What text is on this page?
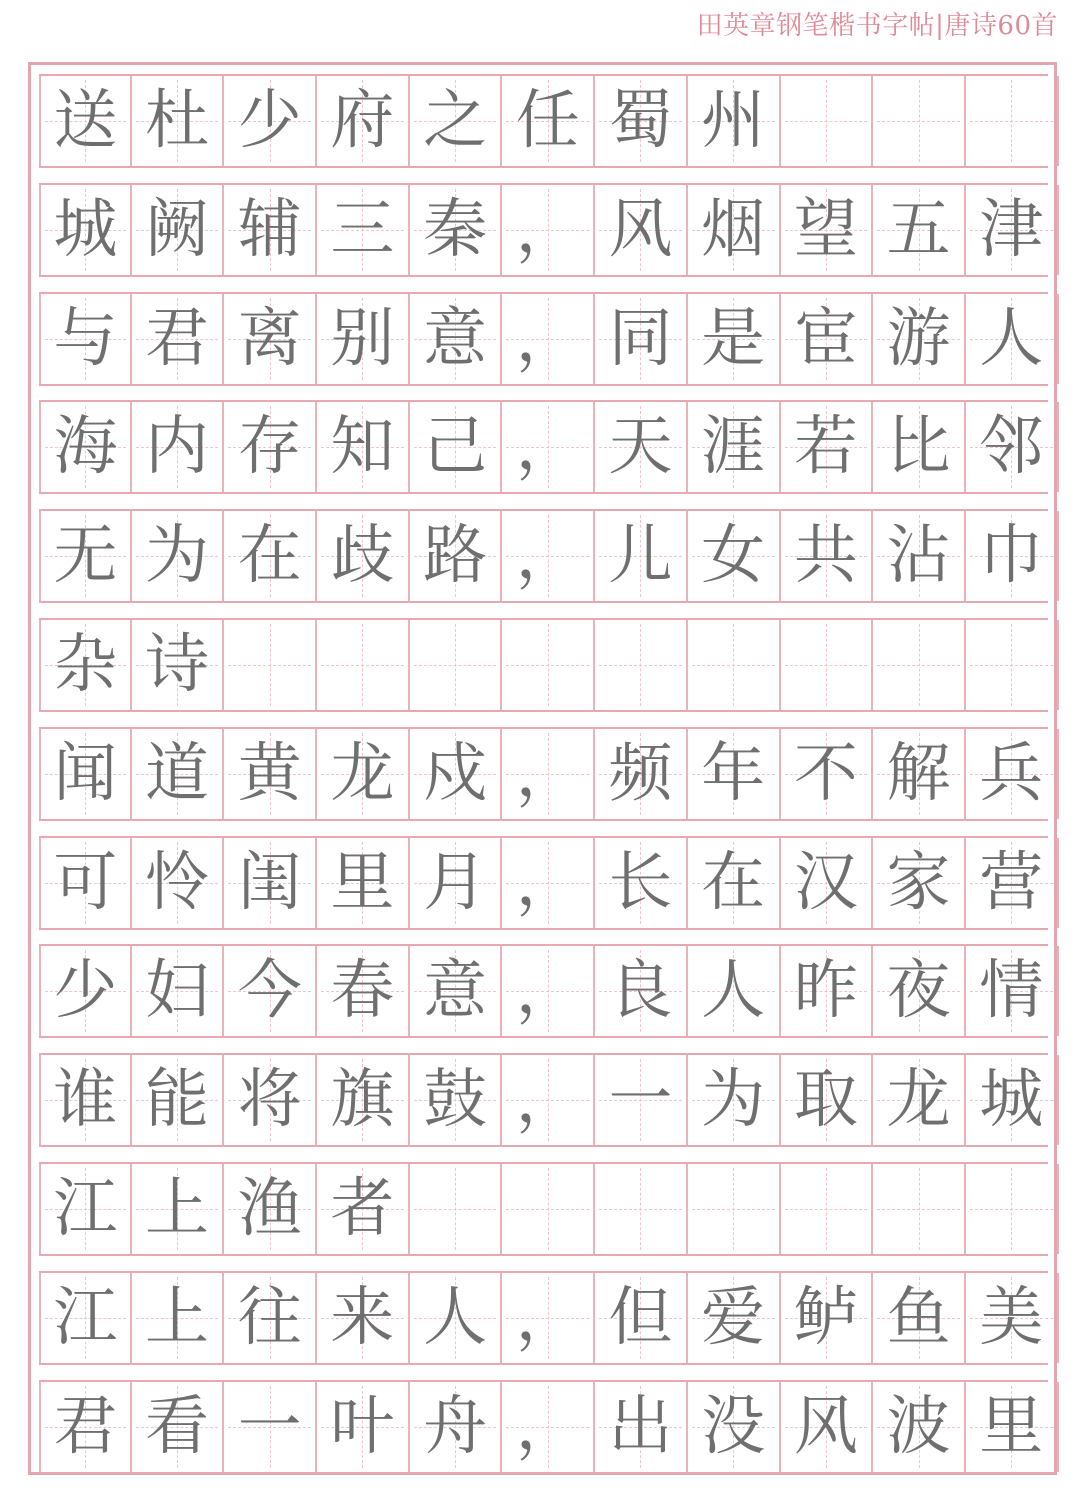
田英章钢笔楷书字帖|唐诗60首
送 杜 少 府 之 任 蜀 州
城 阙 辅 三 秦 ， 风 烟 望 五 津
与 君 离 别 意 ， 同 是 宦 游 人
海 内 存 知 己 ， 天 涯 若 比 邻
无 为 在 歧 路 ， 儿 女 共 沾 巾
杂 诗
闻 道 黄 龙 戍 ， 频 年 不 解 兵
可 怜 闺 里 月 ， 长 在 汉 家 营
少 妇 今 春 意 ， 良 人 昨 夜 情
谁 能 将 旗 鼓 ， 一 为 取 龙 城
江 上 渔 者
江 上 往 来 人 ， 但 爱 鲈 鱼 美
君 看 一 叶 舟 ， 出 没 风 波 里
